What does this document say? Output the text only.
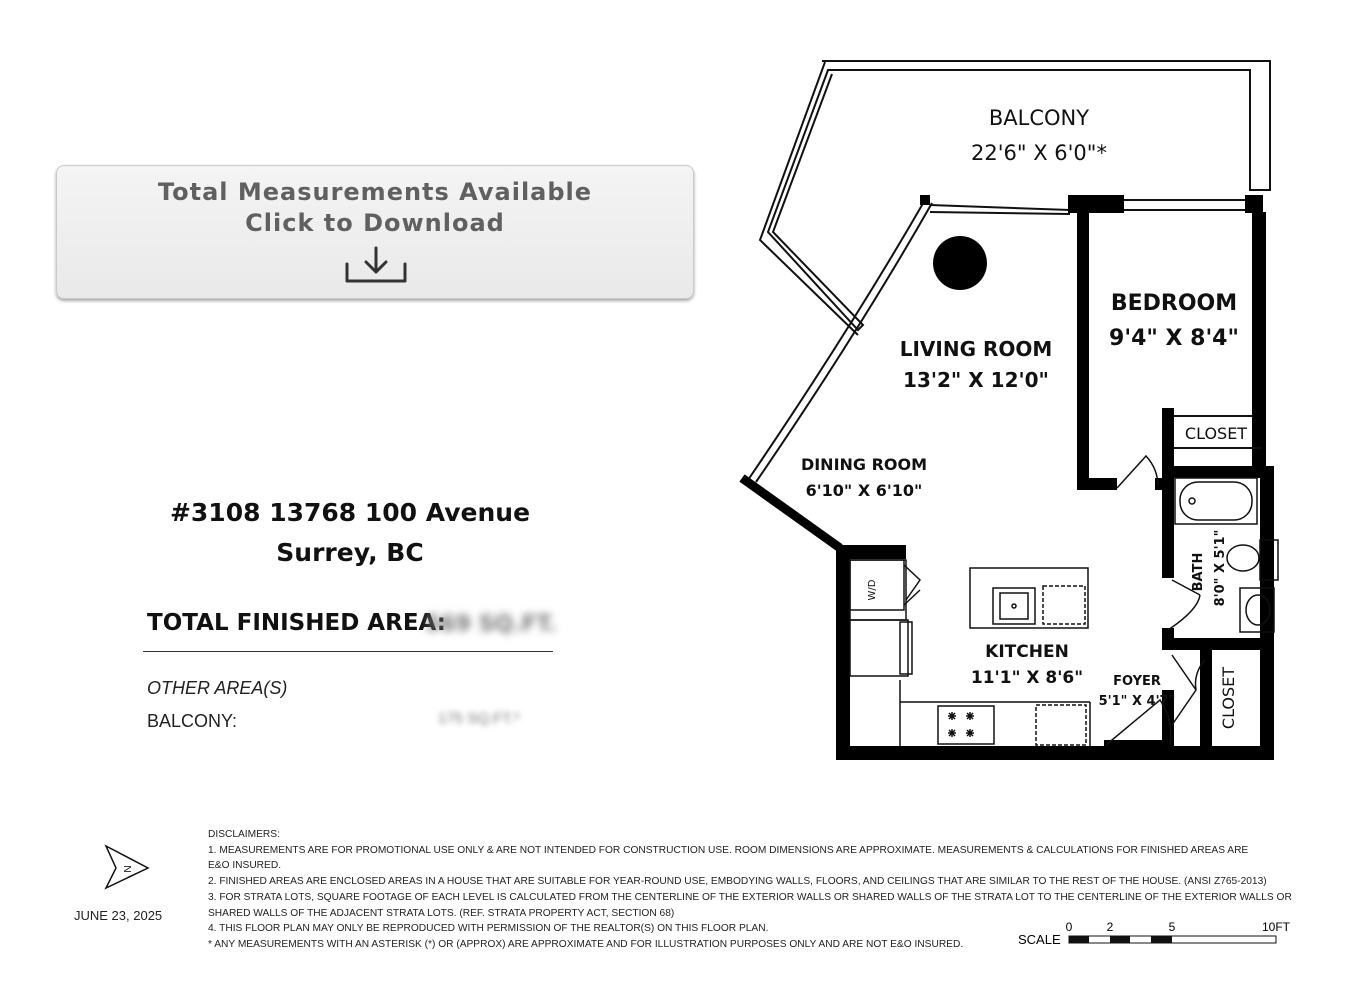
Total Measurements Available
Click to Download
#3108 13768 100 Avenue
Surrey, BC
TOTAL FINISHED AREA:
569 SQ.FT.
OTHER AREA(S)
BALCONY:	175 SQ.FT.*
BALCONY
22'6" X 6'0"*
LIVING ROOM
13'2" X 12'0"
BEDROOM
9'4" X 8'4"
CLOSET
DINING ROOM
6'10" X 6'10"
BATH 8'0" X 5'1"
KITCHEN
11'1" X 8'6" FOYER
5'1" X 4'7"	CLOSET
W/D
N
JUNE 23, 2025
DISCLAIMERS:
1. MEASUREMENTS ARE FOR PROMOTIONAL USE ONLY & ARE NOT INTENDED FOR CONSTRUCTION USE. ROOM DIMENSIONS ARE APPROXIMATE. MEASUREMENTS & CALCULATIONS FOR FINISHED AREAS ARE
E&O INSURED.
2. FINISHED AREAS ARE ENCLOSED AREAS IN A HOUSE THAT ARE SUITABLE FOR YEAR-ROUND USE, EMBODYING WALLS, FLOORS, AND CEILINGS THAT ARE SIMILAR TO THE REST OF THE HOUSE. (ANSI Z765-2013)
3. FOR STRATA LOTS, SQUARE FOOTAGE OF EACH LEVEL IS CALCULATED FROM THE CENTERLINE OF THE EXTERIOR WALLS OR SHARED WALLS OF THE STRATA LOT TO THE CENTERLINE OF THE EXTERIOR WALLS OR
SHARED WALLS OF THE ADJACENT STRATA LOTS. (REF. STRATA PROPERTY ACT, SECTION 68)
4. THIS FLOOR PLAN MAY ONLY BE REPRODUCED WITH PERMISSION OF THE REALTOR(S) ON THIS FLOOR PLAN.
* ANY MEASUREMENTS WITH AN ASTERISK (*) OR (APPROX) ARE APPROXIMATE AND FOR ILLUSTRATION PURPOSES ONLY AND ARE NOT E&O INSURED.	SCALE
0	2	5	10FT
